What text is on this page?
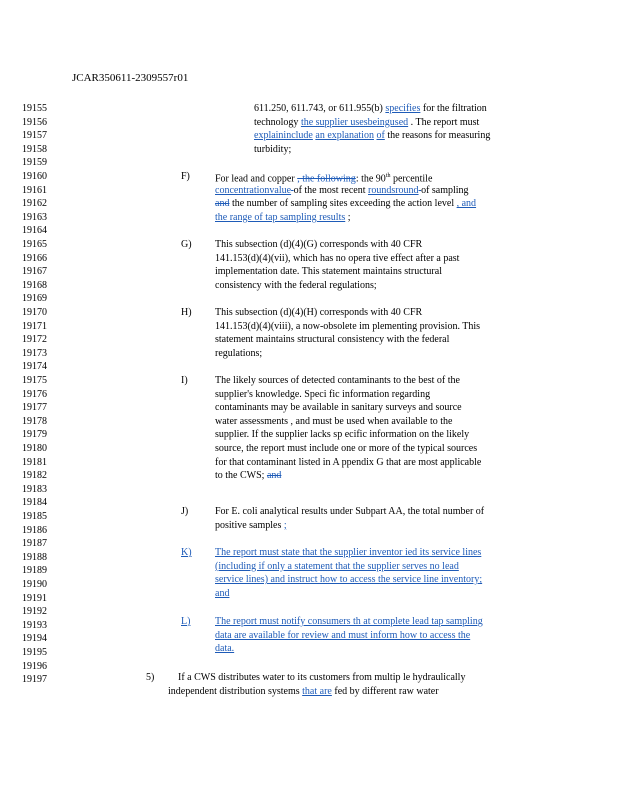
JCAR350611-2309557r01
19155
19156
19157
19158
19159
19160
19161
19162
19163
19164
19165
19166
19167
19168
19169
19170
19171
19172
19173
19174
19175
19176
19177
19178
19179
19180
19181
19182
19183
19184
19185
19186
19187
19188
19189
19190
19191
19192
19193
19194
19195
19196
19197
611.250, 611.743, or 611.955(b) specifies for the filtration
technology the supplier usesbeingused . The report must
explaininclude an explanation of the reasons for measuring
turbidity;
F)	For lead and copper , the following: the 90th percentile
concentrationvalue of the most recent roundsround of sampling
and the number of sampling sites exceeding the action level , and
the range of tap sampling results ;
G) This subsection (d)(4)(G) corresponds with 40 CFR
141.153(d)(4)(vii), which has no opera tive effect after a past
implementation date. This statement maintains structural
consistency with the federal regulations;
H) This subsection (d)(4)(H) corresponds with 40 CFR
141.153(d)(4)(viii), a now-obsolete im plementing provision. This
statement maintains structural consistency with the federal
regulations;
I)	The likely sources of detected contaminants to the best of the
supplier's knowledge. Speci fic information regarding
contaminants may be available in sanitary surveys and source
water assessments , and must be used when available to the
supplier. If the supplier lacks sp ecific information on the likely
source, the report must include one or more of the typical sources
for that contaminant listed in A ppendix G that are most applicable
to the CWS; and
J)	For E. coli analytical results under Subpart AA, the total number of
positive samples ;
K) The report must state that the supplier inventor ied its service lines
(including if only a statement that the supplier serves no lead
service lines) and instruct how to access the service line inventory;
and
L) The report must notify consumers th at complete lead tap sampling
data are available for review and must inform how to access the
data.
5) If a CWS distributes water to its customers from multip le hydraulically
independent distribution systems that are fed by different raw water
